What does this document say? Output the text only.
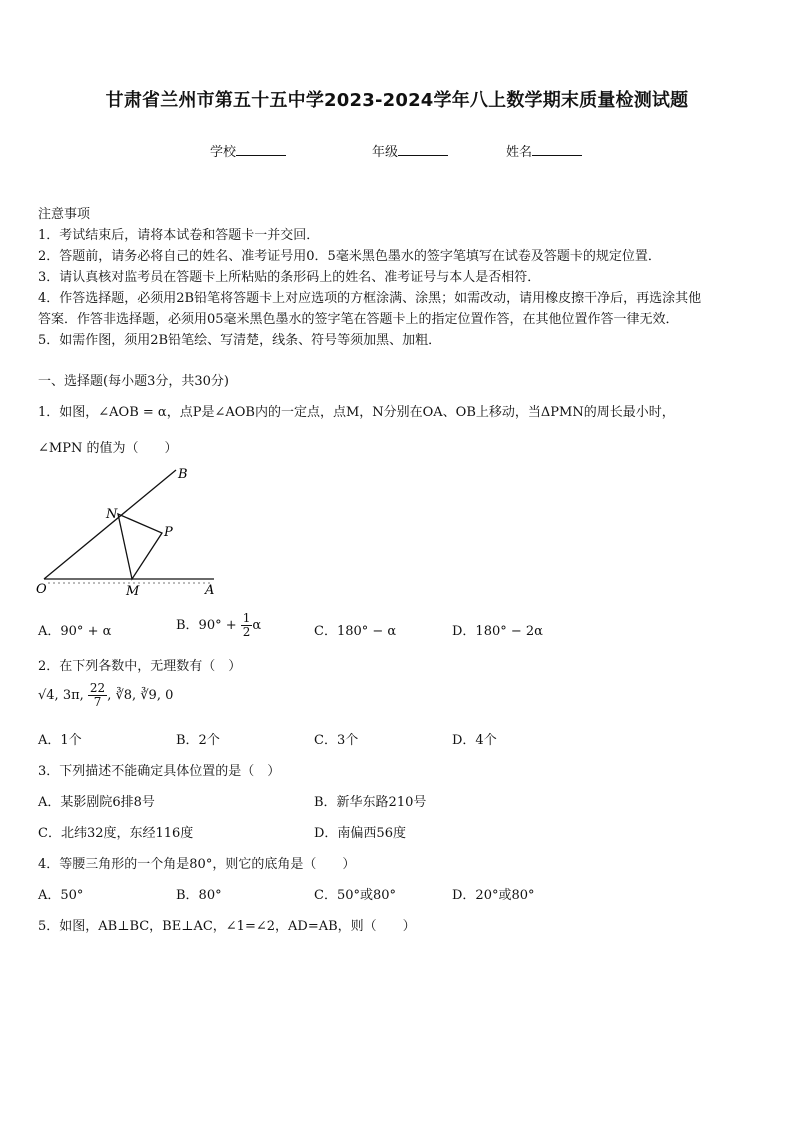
甘肃省兰州市第五十五中学2023-2024学年八上数学期末质量检测试题
学校	年级	姓名
注意事项
1．考试结束后，请将本试卷和答题卡一并交回．
2．答题前，请务必将自己的姓名、准考证号用0．5毫米黑色墨水的签字笔填写在试卷及答题卡的规定位置．
3．请认真核对监考员在答题卡上所粘贴的条形码上的姓名、准考证号与本人是否相符．
4．作答选择题，必须用2B铅笔将答题卡上对应选项的方框涂满、涂黑；如需改动，请用橡皮擦干净后，再选涂其他
答案．作答非选择题，必须用05毫米黑色墨水的签字笔在答题卡上的指定位置作答，在其他位置作答一律无效．
5．如需作图，须用2B铅笔绘、写清楚，线条、符号等须加黑、加粗．
一、选择题(每小题3分，共30分)
1．如图，∠AOB = α，点P是∠AOB内的一定点，点M，N分别在OA、OB上移动，当ΔPMN的周长最小时，
∠MPN 的值为（　　）
O	A
B
N
P
M
A．90° + α	B．$90^\circ + \frac{1}{2}$ α	C．180° − α	D．180° − 2α
2．在下列各数中，无理数有（　）
√4, 3π, $\frac{22}{7}$ , ∛8, ∛9, 0
A．1个	B．2个	C．3个	D．4个
3．下列描述不能确定具体位置的是（　）
A．某影剧院6排8号	B．新华东路210号
C．北纬32度，东经116度	D．南偏西56度
4．等腰三角形的一个角是80°，则它的底角是（　　）
A．50°	B．80°	C．50°或80°	D．20°或80°
5．如图，AB⊥BC，BE⊥AC，∠1=∠2，AD=AB，则（　　）
